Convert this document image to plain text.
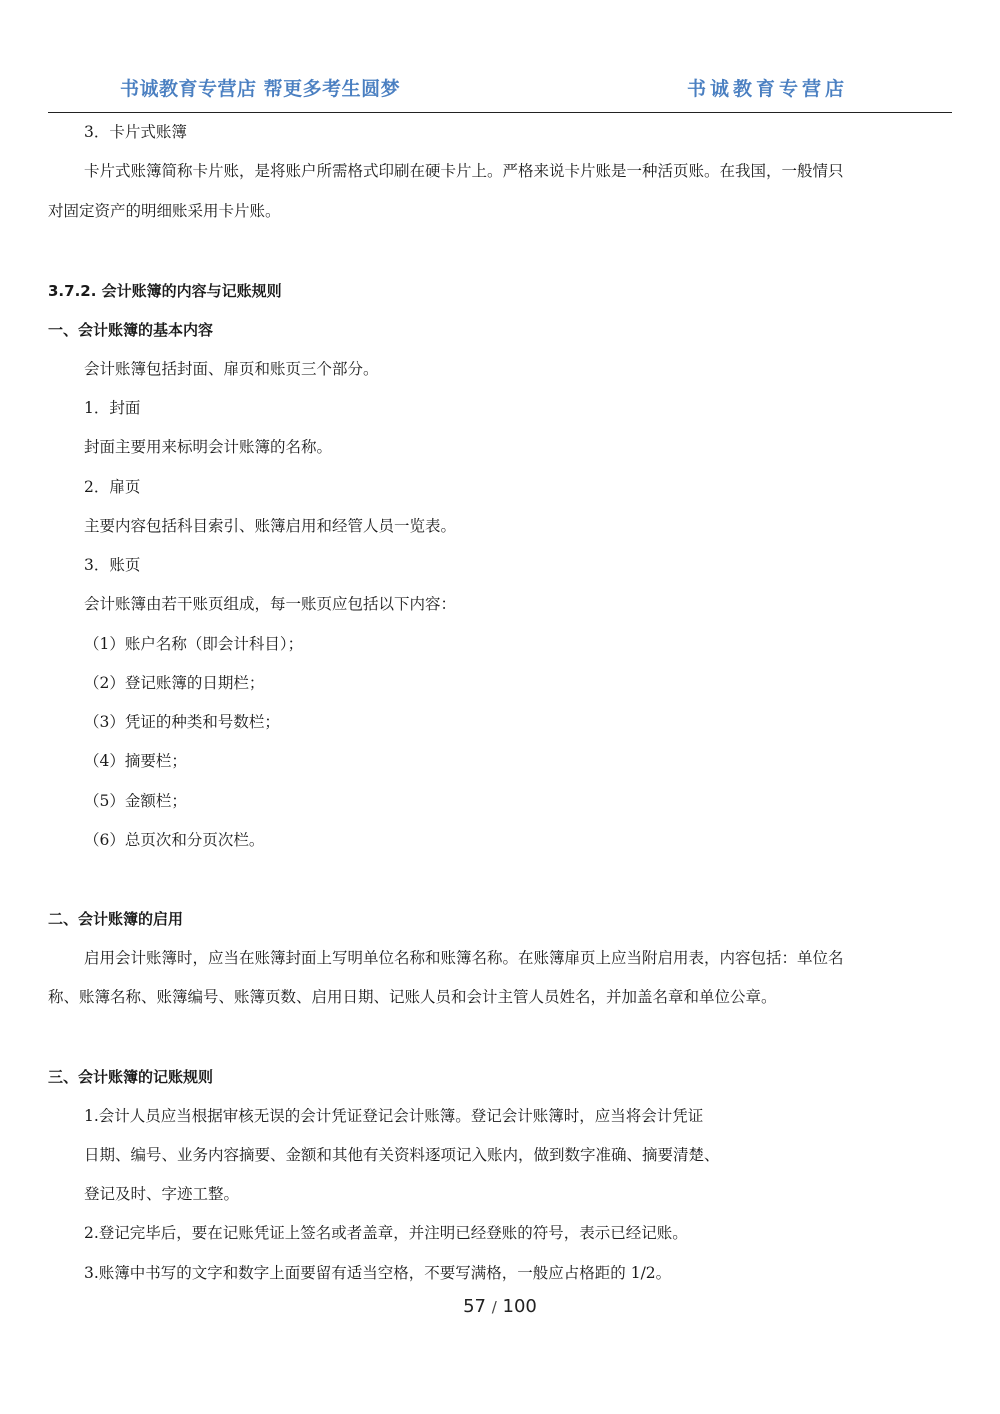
书诚教育专营店 帮更多考生圆梦	书诚教育专营店
3．卡片式账簿
卡片式账簿简称卡片账，是将账户所需格式印刷在硬卡片上。严格来说卡片账是一种活页账。在我国，一般情只
对固定资产的明细账采用卡片账。
3.7.2. 会计账簿的内容与记账规则
一、会计账簿的基本内容
会计账簿包括封面、扉页和账页三个部分。
1．封面
封面主要用来标明会计账簿的名称。
2．扉页
主要内容包括科目索引、账簿启用和经管人员一览表。
3．账页
会计账簿由若干账页组成，每一账页应包括以下内容：
（1）账户名称（即会计科目）；
（2）登记账簿的日期栏；
（3）凭证的种类和号数栏；
（4）摘要栏；
（5）金额栏；
（6）总页次和分页次栏。
二、会计账簿的启用
启用会计账簿时，应当在账簿封面上写明单位名称和账簿名称。在账簿扉页上应当附启用表，内容包括：单位名
称、账簿名称、账簿编号、账簿页数、启用日期、记账人员和会计主管人员姓名，并加盖名章和单位公章。
三、会计账簿的记账规则
1.会计人员应当根据审核无误的会计凭证登记会计账簿。登记会计账簿时，应当将会计凭证
日期、编号、业务内容摘要、金额和其他有关资料逐项记入账内，做到数字准确、摘要清楚、
登记及时、字迹工整。
2.登记完毕后，要在记账凭证上签名或者盖章，并注明已经登账的符号，表示已经记账。
3.账簿中书写的文字和数字上面要留有适当空格，不要写满格，一般应占格距的 1/2。
57 / 100
